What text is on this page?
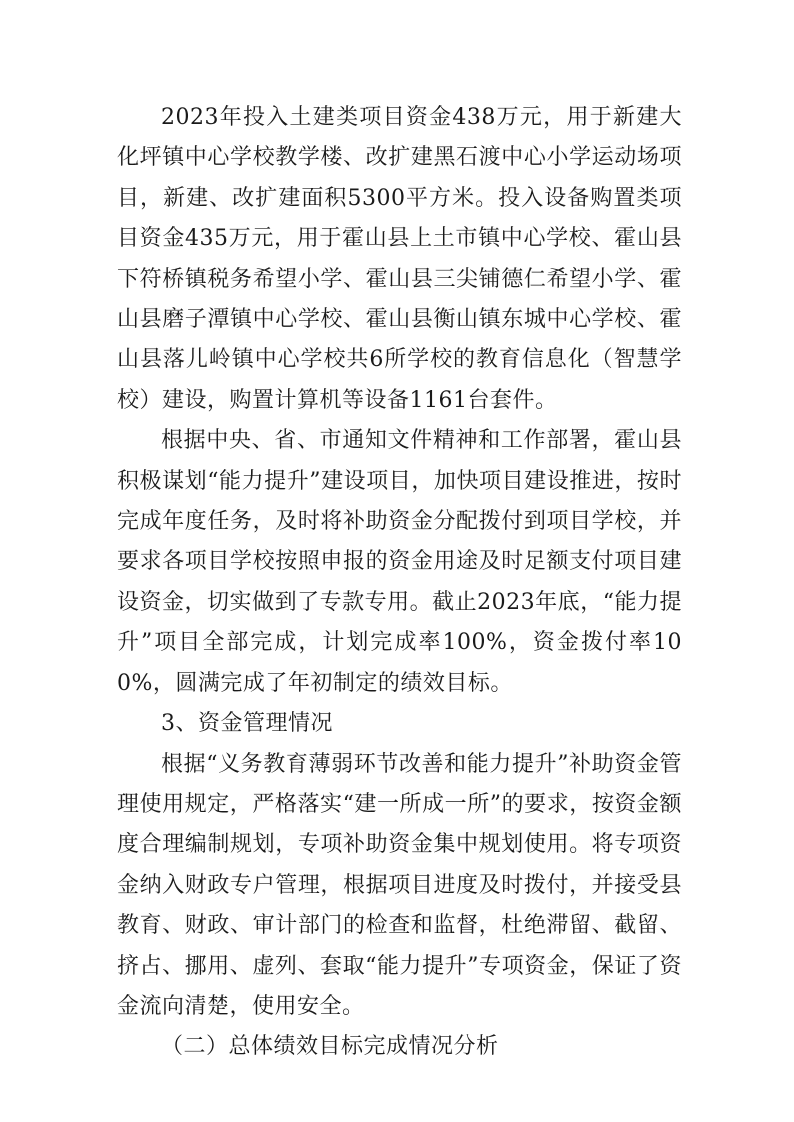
2023年投入土建类项目资金438万元，用于新建大化坪镇中心学校教学楼、改扩建黑石渡中心小学运动场项目，新建、改扩建面积5300平方米。投入设备购置类项目资金435万元，用于霍山县上土市镇中心学校、霍山县下符桥镇税务希望小学、霍山县三尖铺德仁希望小学、霍山县磨子潭镇中心学校、霍山县衡山镇东城中心学校、霍山县落儿岭镇中心学校共6所学校的教育信息化（智慧学校）建设，购置计算机等设备1161台套件。

根据中央、省、市通知文件精神和工作部署，霍山县积极谋划“能力提升”建设项目，加快项目建设推进，按时完成年度任务，及时将补助资金分配拨付到项目学校，并要求各项目学校按照申报的资金用途及时足额支付项目建设资金，切实做到了专款专用。截止2023年底，“能力提升”项目全部完成，计划完成率100%，资金拨付率100%，圆满完成了年初制定的绩效目标。

3、资金管理情况

根据“义务教育薄弱环节改善和能力提升”补助资金管理使用规定，严格落实“建一所成一所”的要求，按资金额度合理编制规划，专项补助资金集中规划使用。将专项资金纳入财政专户管理，根据项目进度及时拨付，并接受县教育、财政、审计部门的检查和监督，杜绝滞留、截留、挤占、挪用、虚列、套取“能力提升”专项资金，保证了资金流向清楚，使用安全。

（二）总体绩效目标完成情况分析
